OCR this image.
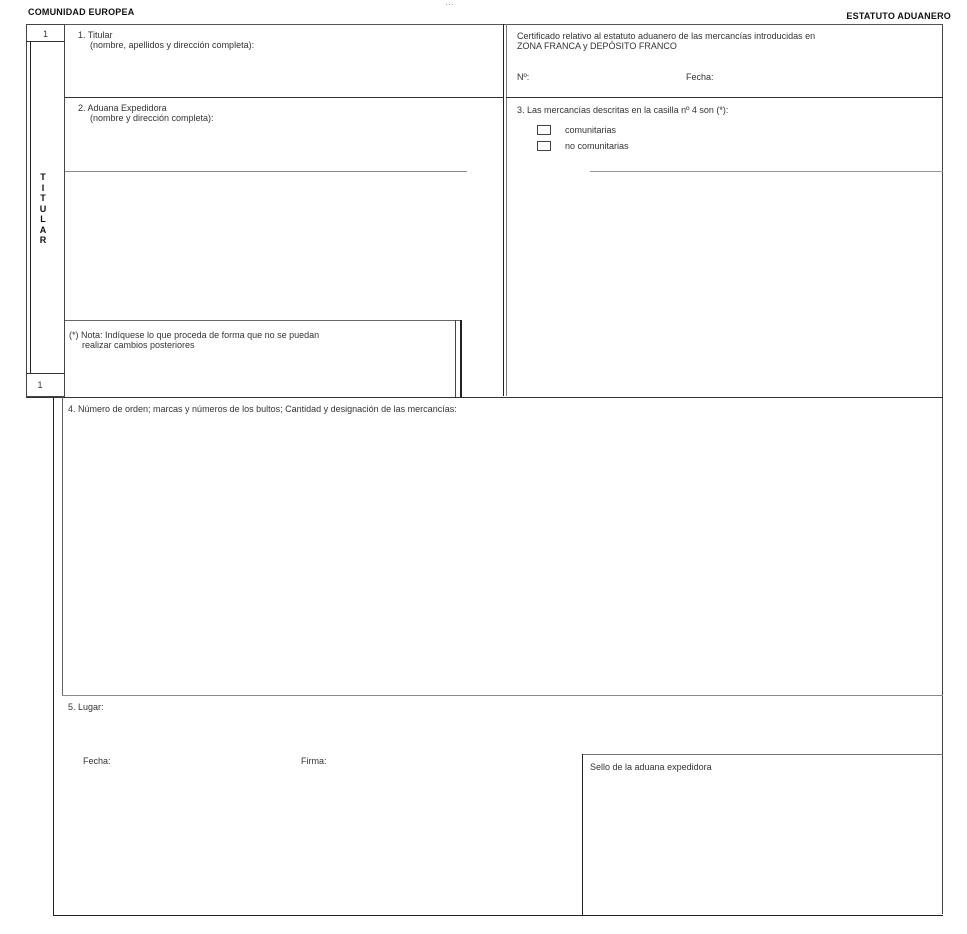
COMUNIDAD EUROPEA
…
ESTATUTO ADUANERO
1
1
T
I
T
U
L
A
R
1. Titular
(nombre, apellidos y dirección completa):
Certificado relativo al estatuto aduanero de las mercancías introducidas en
ZONA FRANCA y DEPÓSITO FRANCO
Nº:	Fecha:
2. Aduana Expedidora
(nombre y dirección completa):
3. Las mercancías descritas en la casilla nº 4 son (*):
comunitarias
no comunitarias
(*) Nota: Indíquese lo que proceda de forma que no se puedan
realizar cambios posteriores
4. Número de orden; marcas y números de los bultos; Cantidad y designación de las mercancías:
5. Lugar:
Fecha:	Firma:
Sello de la aduana expedidora
